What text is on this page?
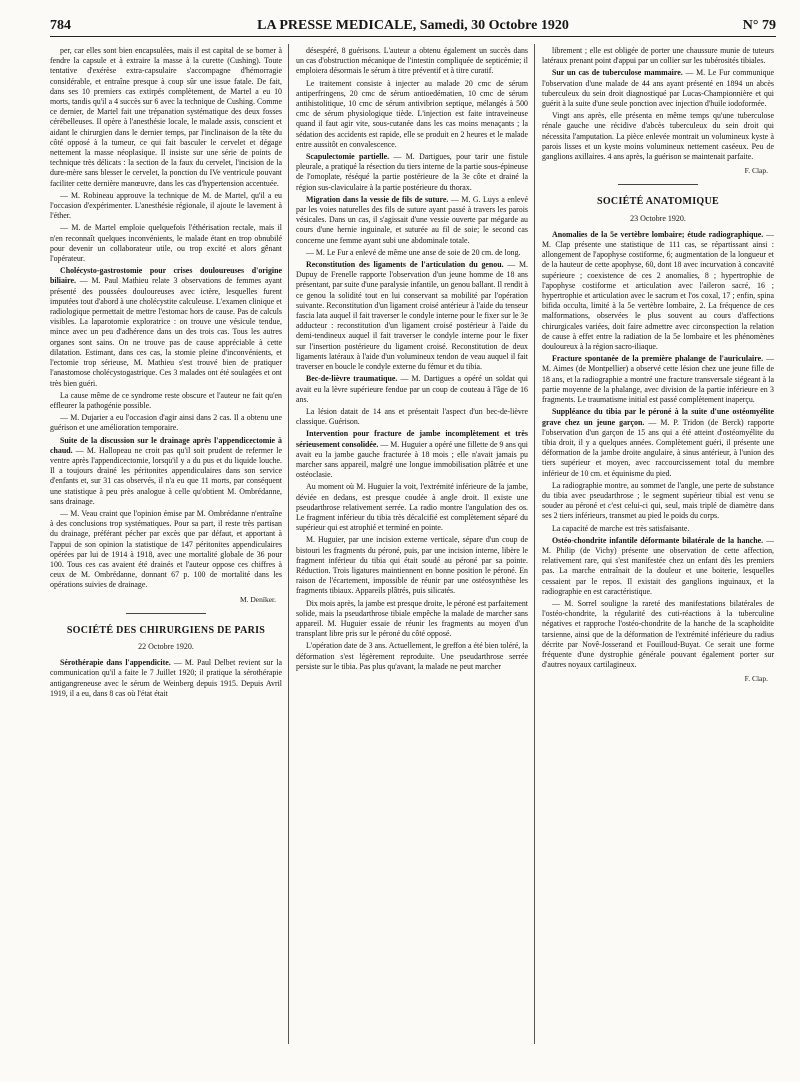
784	LA PRESSE MEDICALE, Samedi, 30 Octobre 1920	N° 79

per, car elles sont bien encapsulées, mais il est capital de se borner à fendre la capsule et à extraire la masse à la curette (Cushing). Toute tentative d'exérèse extra-capsulaire s'accompagne d'hémorragie considérable, et entraîne presque à coup sûr une issue fatale. De fait, dans ses 10 premiers cas extirpés complètement, de Martel a eu 10 morts, tandis qu'il a 4 succès sur 6 avec la technique de Cushing. Comme ce dernier, de Martel fait une trépanation systématique des deux fosses cérébelleuses. Il opère à l'anesthésie locale, le malade assis, conscient et aidant le chirurgien dans le dernier temps, par l'inclinaison de la tête du côté opposé à la tumeur, ce qui fait basculer le cervelet et dégage nettement la masse néoplasique. Il insiste sur une série de points de technique très délicats : la section de la faux du cervelet, l'incision de la dure-mère sans blesser le cervelet, la ponction du IVe ventricule pouvant faciliter cette dernière manœuvre, dans les cas d'hypertension accentuée.

— M. Robineau approuve la technique de M. de Martel, qu'il a eu l'occasion d'expérimenter. L'anesthésie régionale, il ajoute le lavement à l'éther.

— M. de Martel emploie quelquefois l'éthérisation rectale, mais il n'en reconnaît quelques inconvénients, le malade étant en trop obnubilé pour devenir un collaborateur utile, ou trop excité et alors gênant l'opérateur.

Cholécysto-gastrostomie pour crises douloureuses d'origine biliaire. — M. Paul Mathieu relate 3 observations de femmes ayant présenté des poussées douloureuses avec ictère, lesquelles furent imputées tout d'abord à une cholécystite calculeuse. L'examen clinique et radiologique permettait de mettre l'estomac hors de cause. Pas de calculs visibles. La laparotomie exploratrice : on trouve une vésicule tendue, mince avec un peu d'adhérence dans un des trois cas. Tous les autres organes sont sains. On ne trouve pas de cause appréciable à cette dilatation. Estimant, dans ces cas, la stomie pleine d'inconvénients, et l'ectomie trop sérieuse, M. Mathieu s'est trouvé bien de pratiquer l'anastomose cholécystogastrique. Ces 3 malades ont été soulagées et ont très bien guéri.

La cause même de ce syndrome reste obscure et l'auteur ne fait qu'en effleurer la pathogénie possible.

— M. Dujarier a eu l'occasion d'agir ainsi dans 2 cas. Il a obtenu une guérison et une amélioration temporaire.

Suite de la discussion sur le drainage après l'appendicectomie à chaud. — M. Hallopeau ne croit pas qu'il soit prudent de refermer le ventre après l'appendicectomie, lorsqu'il y a du pus et du liquide louche. Il a toujours drainé les péritonites appendiculaires dans son service d'enfants et, sur 31 cas observés, il n'a eu que 11 morts, par conséquent une statistique à peu près analogue à celle qu'obtient M. Ombrédanne, sans drainage.

— M. Veau craint que l'opinion émise par M. Ombrédanne n'entraîne à des conclusions trop systématiques. Pour sa part, il reste très partisan du drainage, préférant pécher par excès que par défaut, et apportant à l'appui de son opinion la statistique de 147 péritonites appendiculaires opérées par lui de 1914 à 1918, avec une mortalité globale de 36 pour 100. Tous ces cas avaient été drainés et l'auteur oppose ces chiffres à ceux de M. Ombrédanne, donnant 67 p. 100 de mortalité dans les opérations suivies de drainage.

M. Denïker.
SOCIÉTÉ DES CHIRURGIENS DE PARIS
22 Octobre 1920.

Sérothérapie dans l'appendicite. — M. Paul Delbet revient sur la communication qu'il a faite le 7 Juillet 1920; il pratique la sérothérapie antigangreneuse avec le sérum de Weinberg depuis 1915. Depuis Avril 1919, il a eu, dans 8 cas où l'état était

désespéré, 8 guérisons. L'auteur a obtenu également un succès dans un cas d'obstruction mécanique de l'intestin compliquée de septicémie; il emploiera désormais le sérum à titre préventif et à titre curatif.

Le traitement consiste à injecter au malade 20 cmc de sérum antiperfringens, 20 cmc de sérum antioedématien, 10 cmc de sérum antihistolitique, 10 cmc de sérum antivibrion septique, mélangés à 500 cmc de sérum physiologique tiède. L'injection est faite intraveineuse quand il faut agir vite, sous-cutanée dans les cas moins menaçants ; la sédation des accidents est rapide, elle se produit en 2 heures et le malade entre aussitôt en convalescence.

Scapulectomie partielle. — M. Dartigues, pour tarir une fistule pleurale, a pratiqué la résection du tiers interne de la partie sous-épineuse de l'omoplate, réséqué la partie postérieure de la 3e côte et drainé la région sus-claviculaire à la partie postérieure du thorax.

Migration dans la vessie de fils de suture. — M. G. Luys a enlevé par les voies naturelles des fils de suture ayant passé à travers les parois vésicales. Dans un cas, il s'agissait d'une vessie ouverte par mégarde au cours d'une hernie inguinale, et suturée au fil de soie; le second cas concerne une femme ayant subi une abdominale totale.

— M. Le Fur a enlevé de même une anse de soie de 20 cm. de long.

Reconstitution des ligaments de l'articulation du genou. — M. Dupuy de Frenelle rapporte l'observation d'un jeune homme de 18 ans présentant, par suite d'une paralysie infantile, un genou ballant. Il rendit à ce genou la solidité tout en lui conservant sa mobilité par l'opération suivante. Reconstitution d'un ligament croisé antérieur à l'aide du tenseur fascia lata auquel il fait traverser le condyle interne pour le fixer sur le 3e adducteur : reconstitution d'un ligament croisé postérieur à l'aide du demi-tendineux auquel il fait traverser le condyle interne pour le fixer sur l'insertion postérieure du ligament croisé. Reconstitution de deux ligaments latéraux à l'aide d'un volumineux tendon de veau auquel il fait traverser en boucle le condyle externe du fémur et du tibia.

Bec-de-lièvre traumatique. — M. Dartigues a opéré un soldat qui avait eu la lèvre supérieure fendue par un coup de couteau à l'âge de 16 ans.

La lésion datait de 14 ans et présentait l'aspect d'un bec-de-lièvre classique. Guérison.

Intervention pour fracture de jambe incomplètement et très sérieusement consolidée. — M. Huguier a opéré une fillette de 9 ans qui avait eu la jambe gauche fracturée à 18 mois ; elle n'avait jamais pu marcher sans appareil, malgré une longue immobilisation plâtrée et une ostéoclasie.

Au moment où M. Huguier la voit, l'extrémité inférieure de la jambe, déviée en dedans, est presque coudée à angle droit. Il existe une pseudarthrose relativement serrée. La radio montre l'angulation des os. Le fragment inférieur du tibia très décalcifié est complètement séparé du supérieur qui est atrophié et terminé en pointe.

M. Huguier, par une incision externe verticale, sépare d'un coup de bistouri les fragments du péroné, puis, par une incision interne, libère le fragment inférieur du tibia qui était soudé au péroné par sa pointe. Réduction. Trois ligatures maintiennent en bonne position le péroné. En raison de l'écartement, impossible de réunir par une ostéosynthèse les fragments tibiaux. Appareils plâtrés, puis silicatés.

Dix mois après, la jambe est presque droite, le péroné est parfaitement solide, mais la pseudarthrose tibiale empêche la malade de marcher sans appareil. M. Huguier essaie de réunir les fragments au moyen d'un transplant libre pris sur le péroné du côté opposé.

L'opération date de 3 ans. Actuellement, le greffon a été bien toléré, la déformation s'est légèrement reproduite. Une pseudarthrose serrée persiste sur le tibia. Pas plus qu'avant, la malade ne peut marcher

librement ; elle est obligée de porter une chaussure munie de tuteurs latéraux prenant point d'appui par un collier sur les tubérosités tibiales.

Sur un cas de tuberculose mammaire. — M. Le Fur communique l'observation d'une malade de 44 ans ayant présenté en 1894 un abcès tuberculeux du sein droit diagnostiqué par Lucas-Championnière et qui guérit à la suite d'une seule ponction avec injection d'huile iodoformée.

Vingt ans après, elle présenta en même temps qu'une tuberculose rénale gauche une récidive d'abcès tuberculeux du sein droit qui nécessita l'amputation. La pièce enlevée montrait un volumineux kyste à parois lisses et un kyste moins volumineux nettement caséeux. Peu de ganglions axillaires. 4 ans après, la guérison se maintenait parfaite.

F. Clap.
SOCIÉTÉ ANATOMIQUE
23 Octobre 1920.

Anomalies de la 5e vertèbre lombaire; étude radiographique. — M. Clap présente une statistique de 111 cas, se répartissant ainsi : allongement de l'apophyse costiforme, 6; augmentation de la longueur et de la hauteur de cette apophyse, 60, dont 18 avec incurvation à concavité supérieure ; coexistence de ces 2 anomalies, 8 ; hypertrophie de l'apophyse costiforme et articulation avec l'aileron sacré, 16 ; hypertrophie et articulation avec le sacrum et l'os coxal, 17 ; enfin, spina bifida occulta, limité à la 5e vertèbre lombaire, 2. La fréquence de ces malformations, observées le plus souvent au cours d'affections chirurgicales variées, doit faire admettre avec circonspection la relation de cause à effet entre la radiation de la 5e lombaire et les phénomènes douloureux à la région sacro-iliaque.

Fracture spontanée de la première phalange de l'auriculaire. — M. Aimes (de Montpellier) a observé cette lésion chez une jeune fille de 18 ans, et la radiographie a montré une fracture transversale siégeant à la partie moyenne de la phalange, avec division de la partie inférieure en 3 fragments. Le traumatisme initial est passé complètement inaperçu.

Suppléance du tibia par le péroné à la suite d'une ostéomyélite grave chez un jeune garçon. — M. P. Tridon (de Berck) rapporte l'observation d'un garçon de 15 ans qui a été atteint d'ostéomyélite du tibia droit, il y a quelques années. Complètement guéri, il présente une déformation de la jambe droite angulaire, à sinus antérieur, à l'union des tiers supérieur et moyen, avec raccourcissement total du membre inférieur de 10 cm. et équinisme du pied.

La radiographie montre, au sommet de l'angle, une perte de substance du tibia avec pseudarthrose ; le segment supérieur tibial est venu se souder au péroné et c'est celui-ci qui, seul, mais triplé de diamètre dans ses 2 tiers inférieurs, transmet au pied le poids du corps.

La capacité de marche est très satisfaisante.

Ostéo-chondrite infantile déformante bilatérale de la hanche. — M. Philip (de Vichy) présente une observation de cette affection, relativement rare, qui s'est manifestée chez un enfant dès les premiers pas. La marche entraînait de la douleur et une boiterie, lesquelles cessaient par le repos. Il existait des ganglions inguinaux, et la radiographie en est caractéristique.

— M. Sorrel souligne la rareté des manifestations bilatérales de l'ostéo-chondrite, la régularité des cuti-réactions à la tuberculine négatives et rapproche l'ostéo-chondrite de la hanche de la scaphoïdite tarsienne, ainsi que de la déformation de l'extrémité inférieure du radius décrite par Novê-Josserand et Fouilloud-Buyat. Ce serait une forme fréquente d'une dystrophie générale pouvant également porter sur d'autres noyaux cartilagineux.

F. Clap.
